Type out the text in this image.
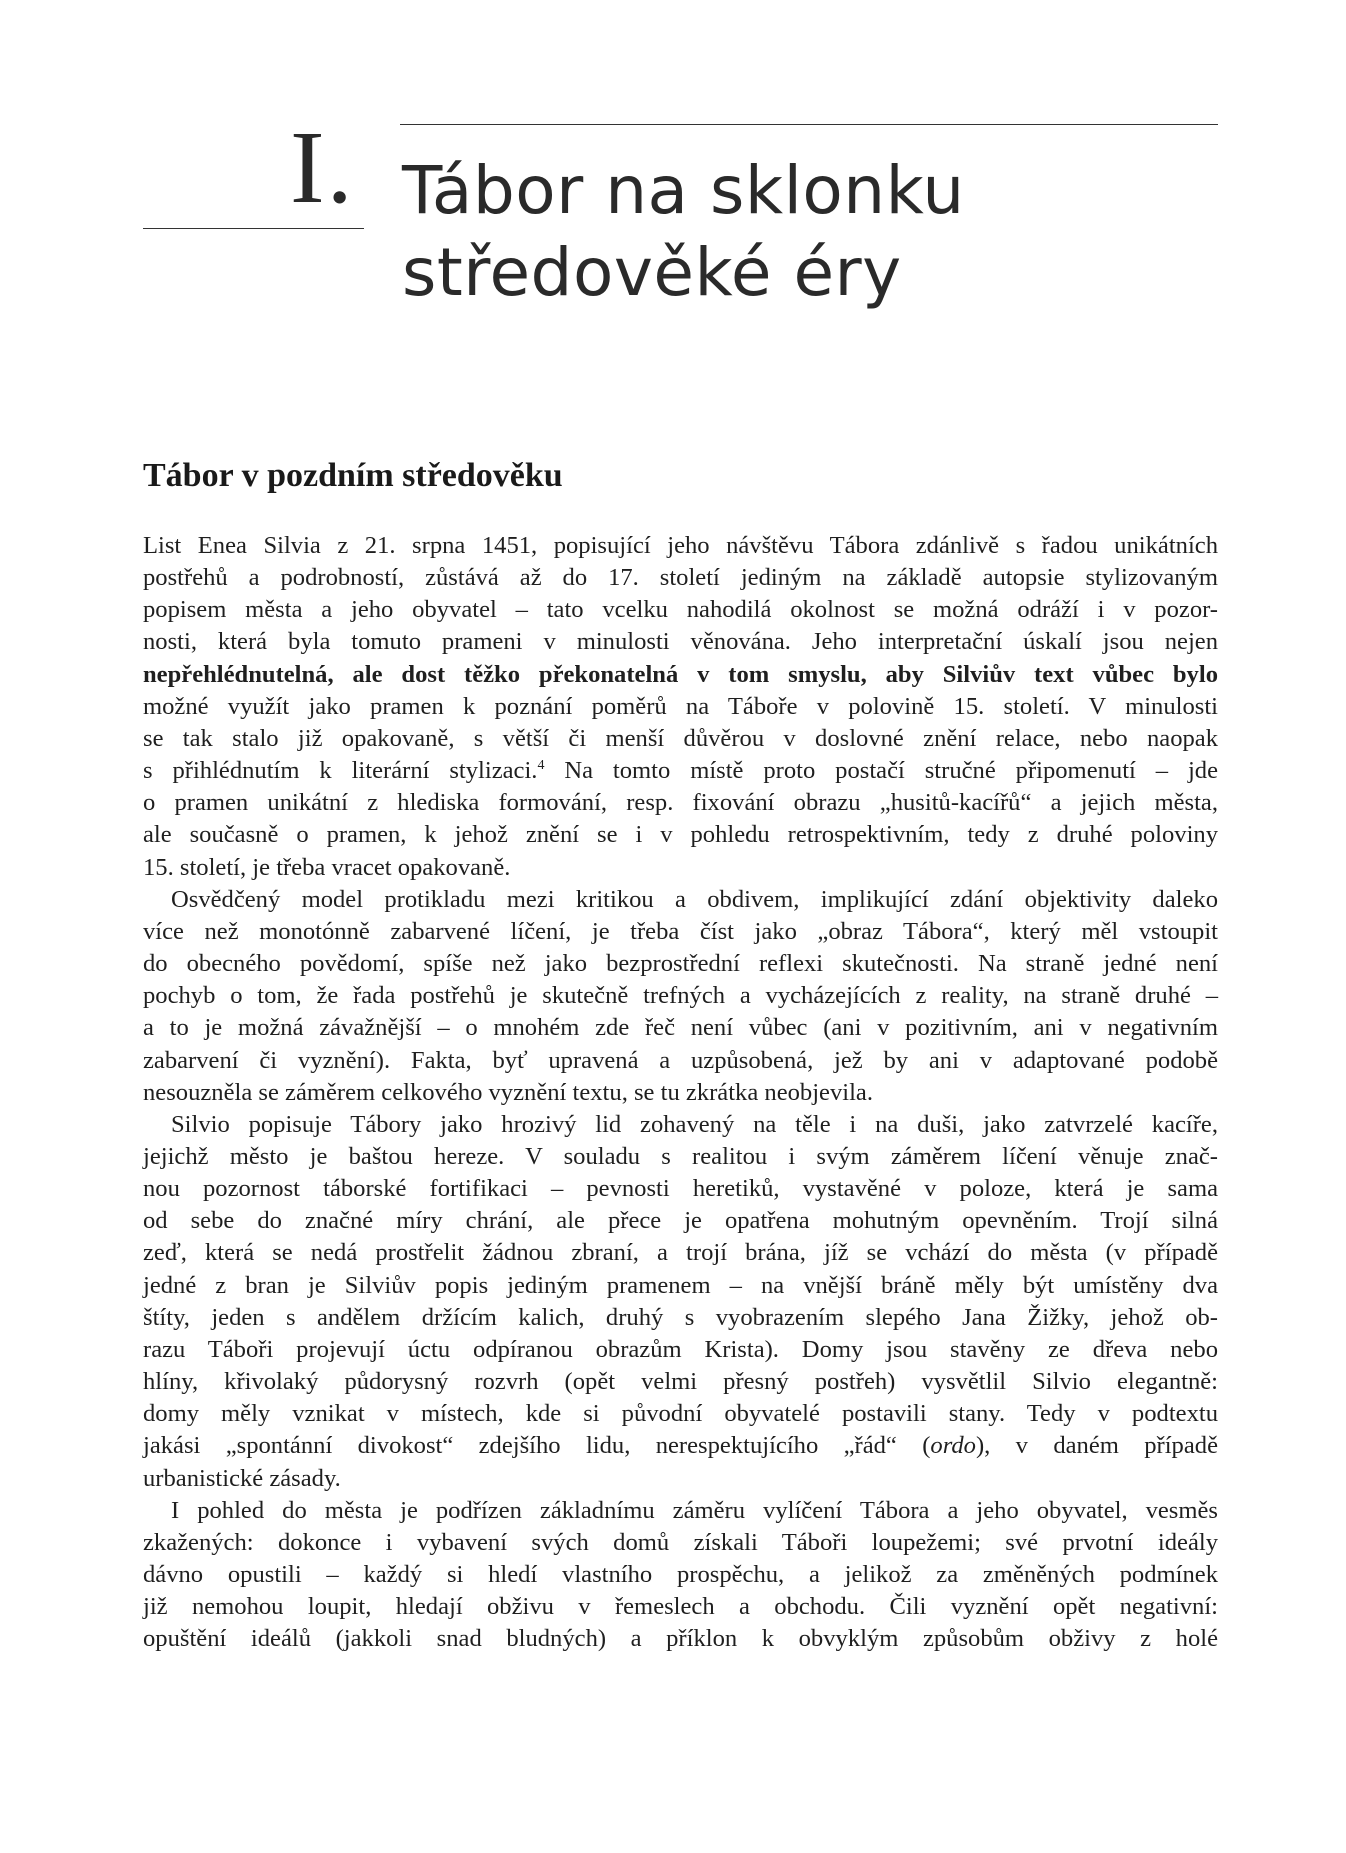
I. Tábor na sklonku
středověké éry
Tábor v pozdním středověku
List Enea Silvia z 21. srpna 1451, popisující jeho návštěvu Tábora zdánlivě s řadou unikátních
postřehů a podrobností, zůstává až do 17. století jediným na základě autopsie stylizovaným
popisem města a jeho obyvatel – tato vcelku nahodilá okolnost se možná odráží i v pozor-
nosti, která byla tomuto prameni v minulosti věnována. Jeho interpretační úskalí jsou nejen
nepřehlédnutelná, ale dost těžko překonatelná v tom smyslu, aby Silviův text vůbec bylo
možné využít jako pramen k poznání poměrů na Táboře v polovině 15. století. V minulosti
se tak stalo již opakovaně, s větší či menší důvěrou v doslovné znění relace, nebo naopak
s přihlédnutím k literární stylizaci.$^4$ Na tomto místě proto postačí stručné připomenutí – jde
o pramen unikátní z hlediska formování, resp. fixování obrazu „husitů-kacířů“ a jejich města,
ale současně o pramen, k jehož znění se i v pohledu retrospektivním, tedy z druhé poloviny
15. století, je třeba vracet opakovaně.
Osvědčený model protikladu mezi kritikou a obdivem, implikující zdání objektivity daleko
více než monotónně zabarvené líčení, je třeba číst jako „obraz Tábora“, který měl vstoupit
do obecného povědomí, spíše než jako bezprostřední reflexi skutečnosti. Na straně jedné není
pochyb o tom, že řada postřehů je skutečně trefných a vycházejících z reality, na straně druhé –
a to je možná závažnější – o mnohém zde řeč není vůbec (ani v pozitivním, ani v negativním
zabarvení či vyznění). Fakta, byť upravená a uzpůsobená, jež by ani v adaptované podobě
nesouzněla se záměrem celkového vyznění textu, se tu zkrátka neobjevila.
Silvio popisuje Tábory jako hrozivý lid zohavený na těle i na duši, jako zatvrzelé kacíře,
jejichž město je baštou hereze. V souladu s realitou i svým záměrem líčení věnuje znač-
nou pozornost táborské fortifikaci – pevnosti heretiků, vystavěné v poloze, která je sama
od sebe do značné míry chrání, ale přece je opatřena mohutným opevněním. Trojí silná
zeď, která se nedá prostřelit žádnou zbraní, a trojí brána, jíž se vchází do města (v případě
jedné z bran je Silviův popis jediným pramenem – na vnější bráně měly být umístěny dva
štíty, jeden s andělem držícím kalich, druhý s vyobrazením slepého Jana Žižky, jehož ob-
razu Táboři projevují úctu odpíranou obrazům Krista). Domy jsou stavěny ze dřeva nebo
hlíny, křivolaký půdorysný rozvrh (opět velmi přesný postřeh) vysvětlil Silvio elegantně:
domy měly vznikat v místech, kde si původní obyvatelé postavili stany. Tedy v podtextu
jakási „spontánní divokost“ zdejšího lidu, nerespektujícího „řád“ (ordo), v daném případě
urbanistické zásady.
I pohled do města je podřízen základnímu záměru vylíčení Tábora a jeho obyvatel, vesměs
zkažených: dokonce i vybavení svých domů získali Táboři loupežemi; své prvotní ideály
dávno opustili – každý si hledí vlastního prospěchu, a jelikož za změněných podmínek
již nemohou loupit, hledají obživu v řemeslech a obchodu. Čili vyznění opět negativní:
opuštění ideálů (jakkoli snad bludných) a příklon k obvyklým způsobům obživy z holé
